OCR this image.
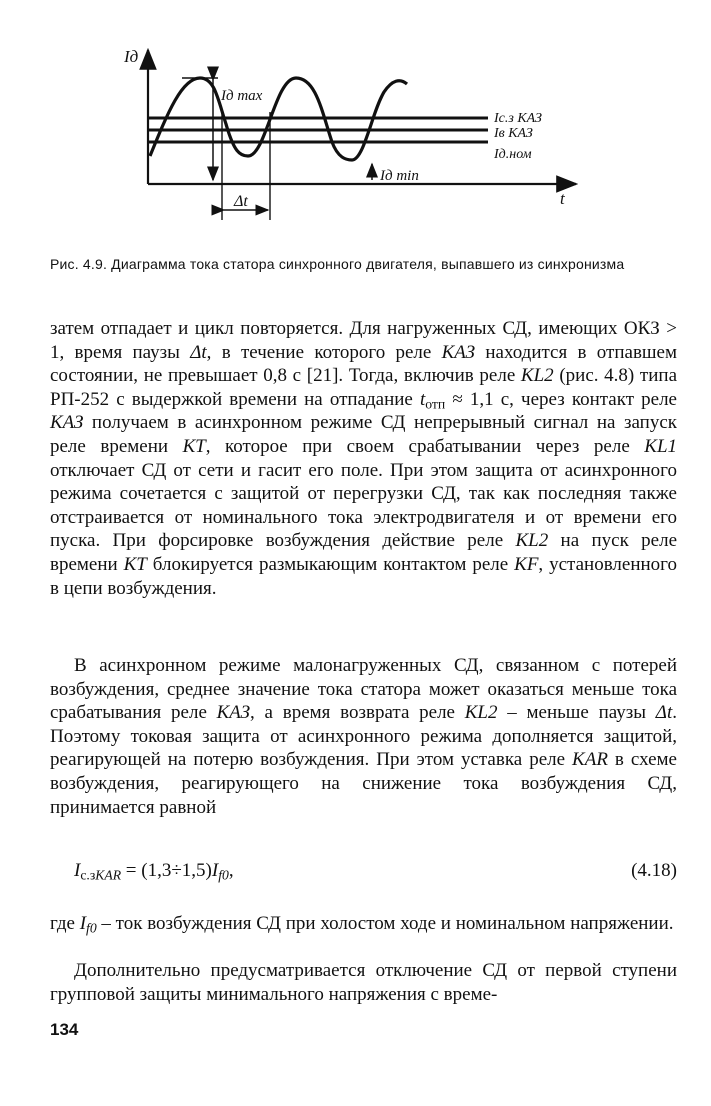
Iд
t
Iд max
Iд min
Δt
Iс.з КАЗ
Iв КАЗ
Iд.ном
Рис. 4.9. Диаграмма тока статора синхронного двигателя, выпавшего из синхронизма
затем отпадает и цикл повторяется. Для нагруженных СД, имеющих ОКЗ > 1, время паузы Δt, в течение которого реле КАЗ находится в отпавшем состоянии, не превышает 0,8 с [21]. Тогда, включив реле KL2 (рис. 4.8) типа РП-252 с выдержкой времени на отпадание $t_{отп} \approx 1,1$ с, через контакт реле КАЗ получаем в асинхронном режиме СД непрерывный сигнал на запуск реле времени КТ, которое при своем срабатывании через реле KL1 отключает СД от сети и гасит его поле. При этом защита от асинхронного режима сочетается с защитой от перегрузки СД, так как последняя также отстраивается от номинального тока электродвигателя и от времени его пуска. При форсировке возбуждения действие реле KL2 на пуск реле времени КТ блокируется размыкающим контактом реле KF, установленного в цепи возбуждения.
В асинхронном режиме малонагруженных СД, связанном с потерей возбуждения, среднее значение тока статора может оказаться меньше тока срабатывания реле КАЗ, а время возврата реле KL2 – меньше паузы Δt. Поэтому токовая защита от асинхронного режима дополняется защитой, реагирующей на потерю возбуждения. При этом уставка реле KAR в схеме возбуждения, реагирующего на снижение тока возбуждения СД, принимается равной
$I_{с.зKAR} = (1,3\div 1,5)I_{f0}$,	(4.18)
где $I_{f0}$ – ток возбуждения СД при холостом ходе и номинальном напряжении.
Дополнительно предусматривается отключение СД от первой ступени групповой защиты минимального напряжения с време-
134
